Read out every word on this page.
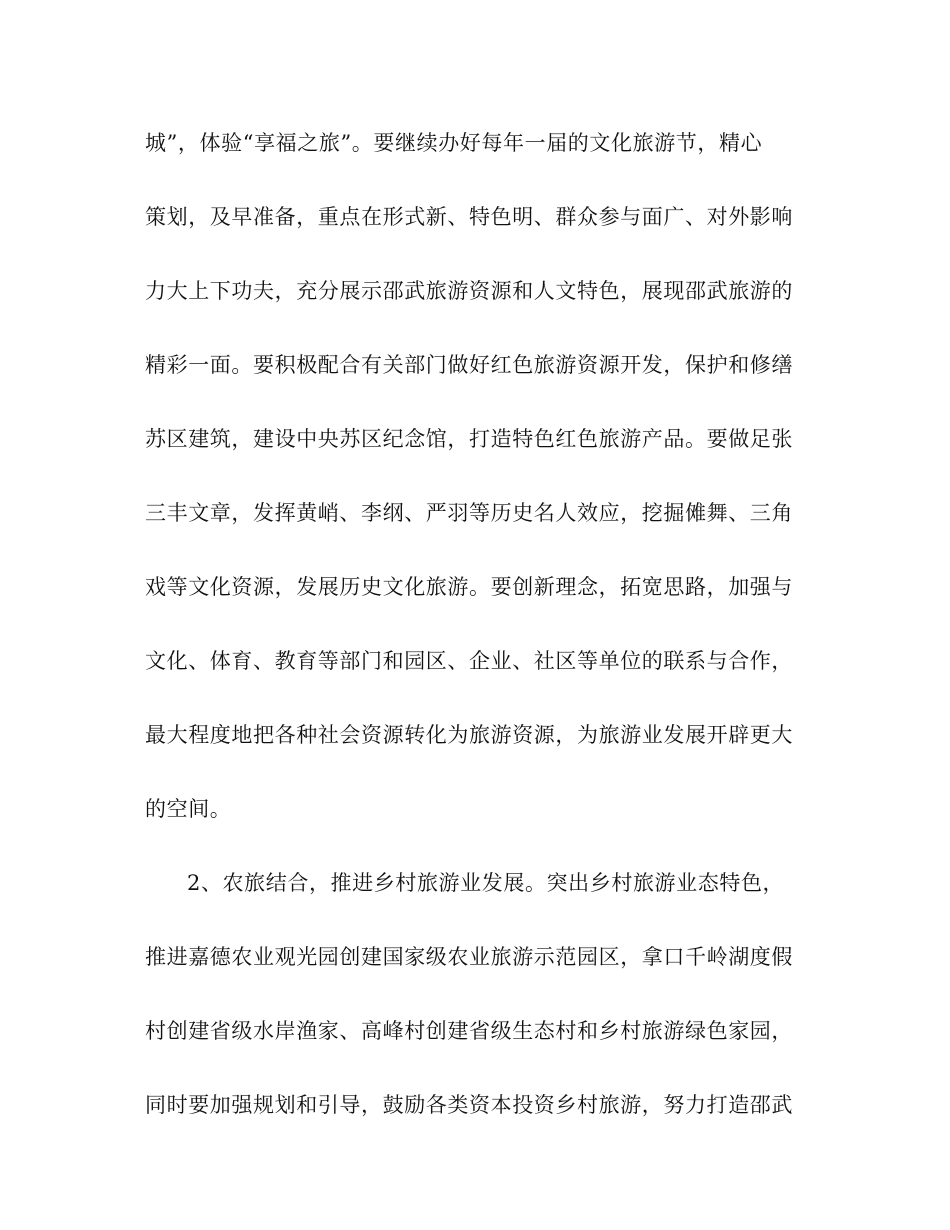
城”，体验“享福之旅”。要继续办好每年一届的文化旅游节，精心
策划，及早准备，重点在形式新、特色明、群众参与面广、对外影响
力大上下功夫，充分展示邵武旅游资源和人文特色，展现邵武旅游的
精彩一面。要积极配合有关部门做好红色旅游资源开发，保护和修缮
苏区建筑，建设中央苏区纪念馆，打造特色红色旅游产品。要做足张
三丰文章，发挥黄峭、李纲、严羽等历史名人效应，挖掘傩舞、三角
戏等文化资源，发展历史文化旅游。要创新理念，拓宽思路，加强与
文化、体育、教育等部门和园区、企业、社区等单位的联系与合作，
最大程度地把各种社会资源转化为旅游资源，为旅游业发展开辟更大
的空间。
2、农旅结合，推进乡村旅游业发展。突出乡村旅游业态特色，
推进嘉德农业观光园创建国家级农业旅游示范园区，拿口千岭湖度假
村创建省级水岸渔家、高峰村创建省级生态村和乡村旅游绿色家园，
同时要加强规划和引导，鼓励各类资本投资乡村旅游，努力打造邵武
